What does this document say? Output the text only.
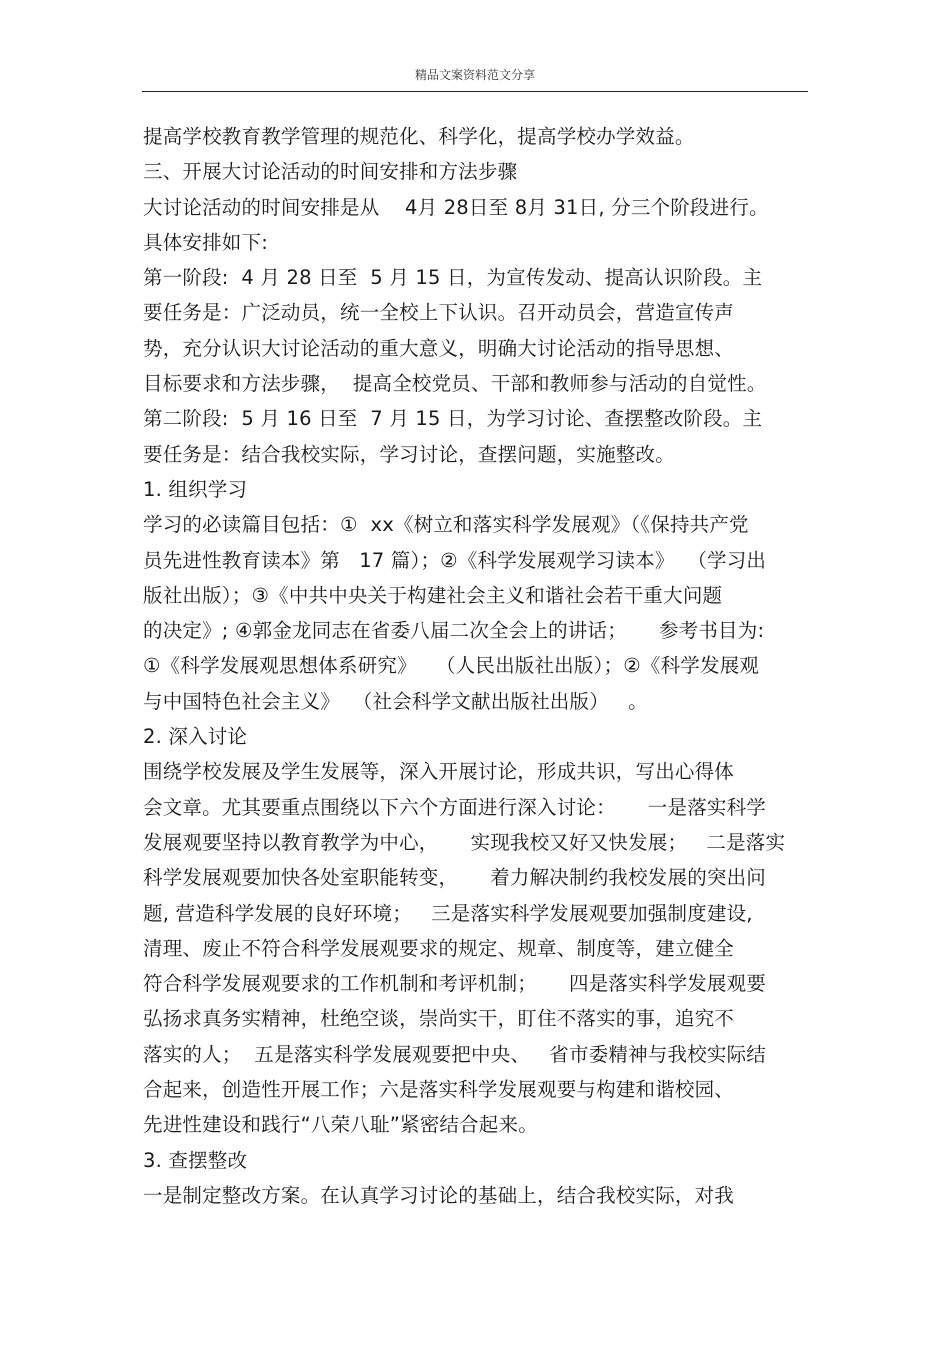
精品文案资料范文分享
提高学校教育教学管理的规范化、科学化，提高学校办学效益。
三、开展大讨论活动的时间安排和方法步骤
大讨论活动的时间安排是从    4月 28日至 8月 31日, 分三个阶段进行。
具体安排如下:
第一阶段:  4 月 28 日至  5 月 15 日，为宣传发动、提高认识阶段。主
要任务是：广泛动员，统一全校上下认识。召开动员会，营造宣传声
势，充分认识大讨论活动的重大意义，明确大讨论活动的指导思想、
目标要求和方法步骤，  提高全校党员、干部和教师参与活动的自觉性。
第二阶段:  5 月 16 日至  7 月 15 日，为学习讨论、查摆整改阶段。主
要任务是：结合我校实际，学习讨论，查摆问题，实施整改。
1. 组织学习
学习的必读篇目包括：①  xx《树立和落实科学发展观》（《保持共产党
员先进性教育读本》第   17 篇）；②《科学发展观学习读本》  （学习出
版社出版）；③《中共中央关于构建社会主义和谐社会若干重大问题
的决定》; ④郭金龙同志在省委八届二次全会上的讲话；     参考书目为:
①《科学发展观思想体系研究》   （人民出版社出版）；②《科学发展观
与中国特色社会主义》  （社会科学文献出版社出版）   。
2. 深入讨论
围绕学校发展及学生发展等，深入开展讨论，形成共识，写出心得体
会文章。尤其要重点围绕以下六个方面进行深入讨论：     一是落实科学
发展观要坚持以教育教学为中心，     实现我校又好又快发展；   二是落实
科学发展观要加快各处室职能转变，     着力解决制约我校发展的突出问
题, 营造科学发展的良好环境；   三是落实科学发展观要加强制度建设,
清理、废止不符合科学发展观要求的规定、规章、制度等，建立健全
符合科学发展观要求的工作机制和考评机制；     四是落实科学发展观要
弘扬求真务实精神，杜绝空谈，崇尚实干，盯住不落实的事，追究不
落实的人；  五是落实科学发展观要把中央、   省市委精神与我校实际结
合起来，创造性开展工作；六是落实科学发展观要与构建和谐校园、
先进性建设和践行“八荣八耻”紧密结合起来。
3. 查摆整改
一是制定整改方案。在认真学习讨论的基础上，结合我校实际，对我
